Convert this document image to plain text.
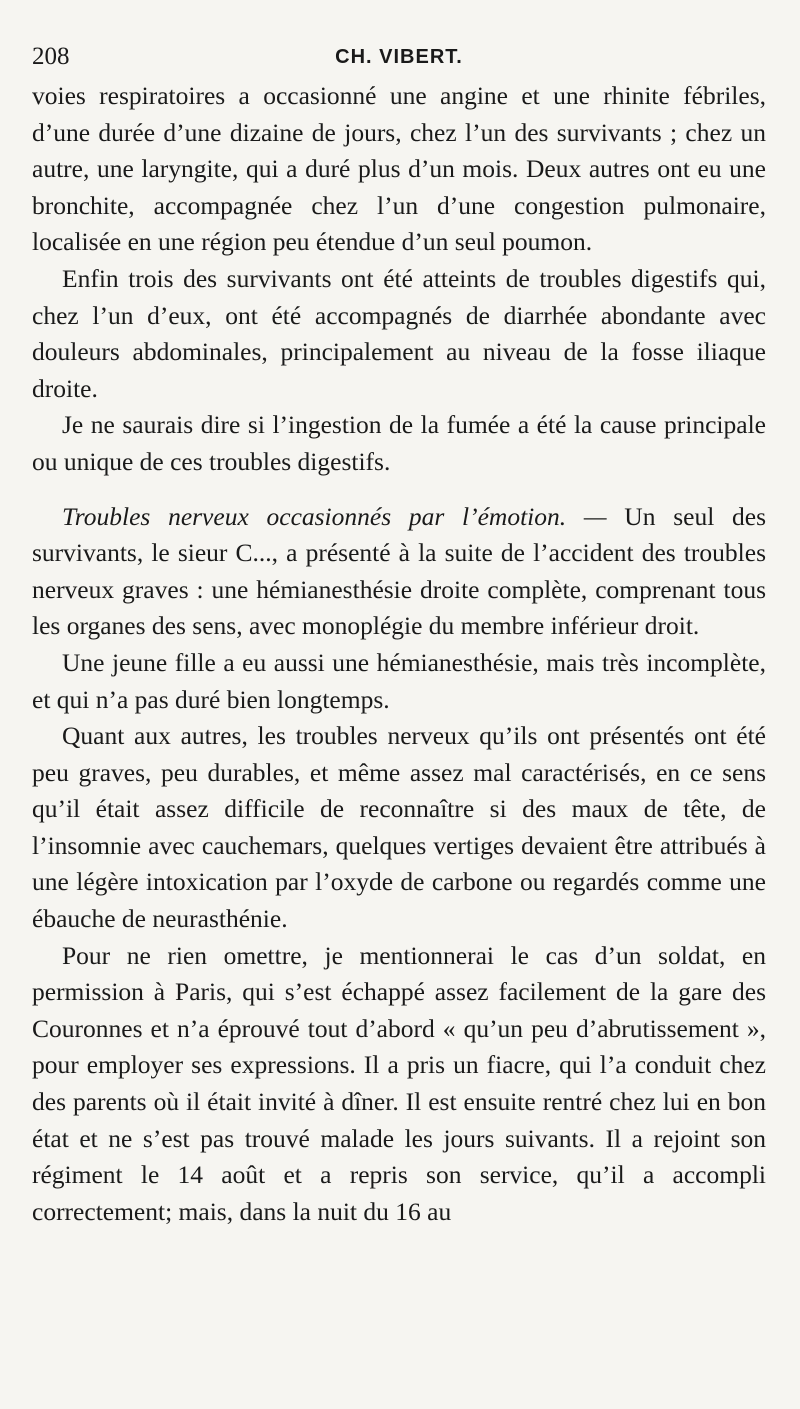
208	CH. VIBERT.

voies respiratoires a occasionné une angine et une rhinite fébriles, d’une durée d’une dizaine de jours, chez l’un des survivants ; chez un autre, une laryngite, qui a duré plus d’un mois. Deux autres ont eu une bronchite, accompagnée chez l’un d’une congestion pulmonaire, localisée en une région peu étendue d’un seul poumon.

Enfin trois des survivants ont été atteints de troubles digestifs qui, chez l’un d’eux, ont été accompagnés de diarrhée abondante avec douleurs abdominales, principalement au niveau de la fosse iliaque droite.

Je ne saurais dire si l’ingestion de la fumée a été la cause principale ou unique de ces troubles digestifs.

Troubles nerveux occasionnés par l’émotion. — Un seul des survivants, le sieur C..., a présenté à la suite de l’accident des troubles nerveux graves : une hémianesthésie droite complète, comprenant tous les organes des sens, avec monoplégie du membre inférieur droit.

Une jeune fille a eu aussi une hémianesthésie, mais très incomplète, et qui n’a pas duré bien longtemps.

Quant aux autres, les troubles nerveux qu’ils ont présentés ont été peu graves, peu durables, et même assez mal caractérisés, en ce sens qu’il était assez difficile de reconnaître si des maux de tête, de l’insomnie avec cauchemars, quelques vertiges devaient être attribués à une légère intoxication par l’oxyde de carbone ou regardés comme une ébauche de neurasthénie.

Pour ne rien omettre, je mentionnerai le cas d’un soldat, en permission à Paris, qui s’est échappé assez facilement de la gare des Couronnes et n’a éprouvé tout d’abord « qu’un peu d’abrutissement », pour employer ses expressions. Il a pris un fiacre, qui l’a conduit chez des parents où il était invité à dîner. Il est ensuite rentré chez lui en bon état et ne s’est pas trouvé malade les jours suivants. Il a rejoint son régiment le 14 août et a repris son service, qu’il a accompli correctement; mais, dans la nuit du 16 au
